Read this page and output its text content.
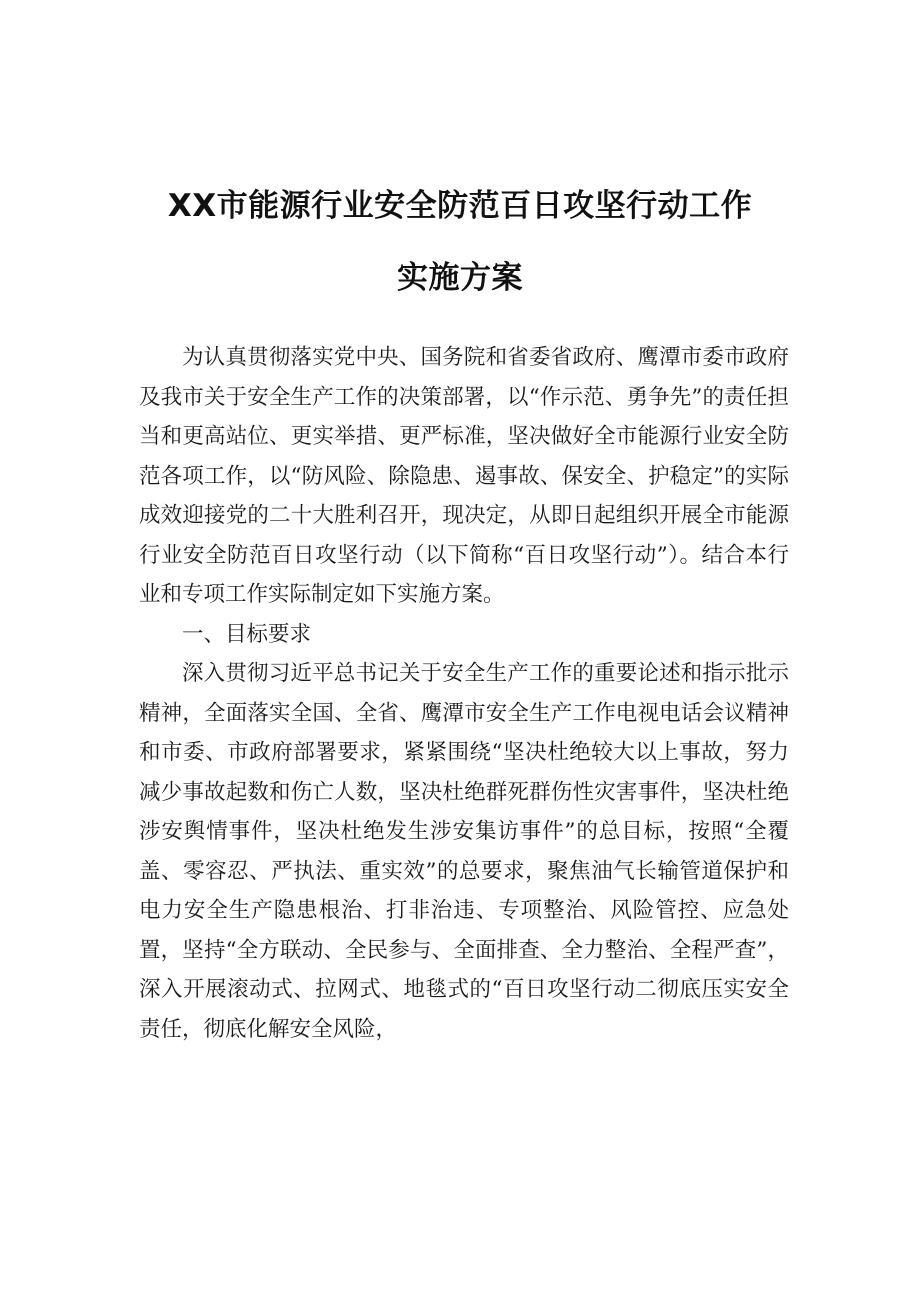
XX市能源行业安全防范百日攻坚行动工作
实施方案

为认真贯彻落实党中央、国务院和省委省政府、鹰潭市委市政府及我市关于安全生产工作的决策部署，以“作示范、勇争先”的责任担当和更高站位、更实举措、更严标准，坚决做好全市能源行业安全防范各项工作，以“防风险、除隐患、遏事故、保安全、护稳定”的实际成效迎接党的二十大胜利召开，现决定，从即日起组织开展全市能源行业安全防范百日攻坚行动（以下简称“百日攻坚行动”）。结合本行业和专项工作实际制定如下实施方案。

一、目标要求

深入贯彻习近平总书记关于安全生产工作的重要论述和指示批示精神，全面落实全国、全省、鹰潭市安全生产工作电视电话会议精神和市委、市政府部署要求，紧紧围绕“坚决杜绝较大以上事故，努力减少事故起数和伤亡人数，坚决杜绝群死群伤性灾害事件，坚决杜绝涉安舆情事件，坚决杜绝发生涉安集访事件”的总目标，按照“全覆盖、零容忍、严执法、重实效”的总要求，聚焦油气长输管道保护和电力安全生产隐患根治、打非治违、专项整治、风险管控、应急处置，坚持“全方联动、全民参与、全面排查、全力整治、全程严查”，深入开展滚动式、拉网式、地毯式的“百日攻坚行动二彻底压实安全责任，彻底化解安全风险，
